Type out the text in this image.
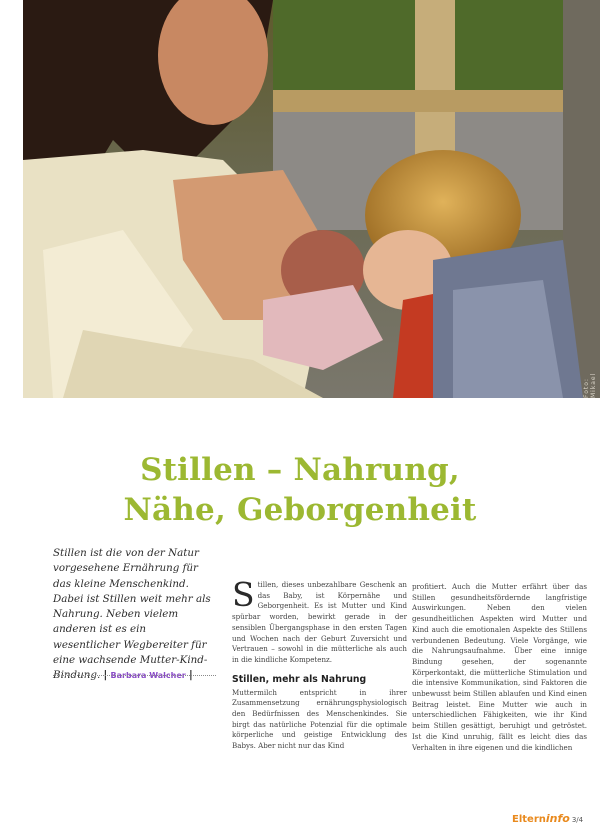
Foto: Mikael
Stillen – Nahrung,
Nähe, Geborgenheit
Stillen ist die von der Natur vorgesehene Ernährung für das kleine Menschenkind. Dabei ist Stillen weit mehr als Nahrung. Neben vielem anderen ist es ein wesentlicher Wegbereiter für eine wachsende Mutter-Kind-Bindung. | Barbara Walcher |

Stillen, dieses unbezahlbare Geschenk an das Baby, ist Körpernähe und Geborgenheit. Es ist Mutter und Kind spürbar worden, bewirkt gerade in der sensiblen Übergangsphase in den ersten Tagen und Wochen nach der Geburt Zuversicht und Vertrauen – sowohl in die mütterliche als auch in die kindliche Kompetenz.

Stillen, mehr als Nahrung

Muttermilch entspricht in ihrer Zusammensetzung ernährungsphysiologisch den Bedürfnissen des Menschenkindes. Sie birgt das natürliche Potenzial für die optimale körperliche und geistige Entwicklung des Babys. Aber nicht nur das Kind

profitiert. Auch die Mutter erfährt über das Stillen gesundheitsfördernde langfristige Auswirkungen. Neben den vielen gesundheitlichen Aspekten wird Mutter und Kind auch die emotionalen Aspekte des Stillens verbundenen Bedeutung. Viele Vorgänge, wie die Nahrungsaufnahme. Über eine innige Bindung gesehen, der sogenannte Körperkontakt, die mütterliche Stimulation und die intensive Kommunikation, sind Faktoren die unbewusst beim Stillen ablaufen und Kind einen Beitrag leistet. Eine Mutter wie auch in unterschiedlichen Fähigkeiten, wie ihr Kind beim Stillen gesättigt, beruhigt und getröstet. Ist die Kind unruhig, fällt es leicht dies das Verhalten in ihre eigenen und die kindlichen

Elterninfo 3/4
